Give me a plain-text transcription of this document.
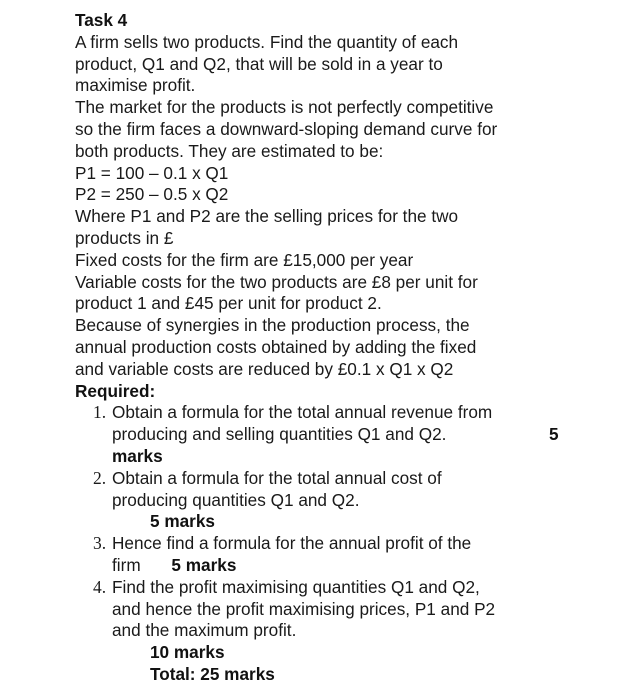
Task 4
A firm sells two products. Find the quantity of each
product, Q1 and Q2, that will be sold in a year to
maximise profit.
The market for the products is not perfectly competitive
so the firm faces a downward-sloping demand curve for
both products. They are estimated to be:
P1 = 100 – 0.1 x Q1
P2 = 250 – 0.5 x Q2
Where P1 and P2 are the selling prices for the two
products in £
Fixed costs for the firm are £15,000 per year
Variable costs for the two products are £8 per unit for
product 1 and £45 per unit for product 2.
Because of synergies in the production process, the
annual production costs obtained by adding the fixed
and variable costs are reduced by £0.1 x Q1 x Q2
Required:
1. Obtain a formula for the total annual revenue from
producing and selling quantities Q1 and Q2.	5
marks
2. Obtain a formula for the total annual cost of
producing quantities Q1 and Q2.
5 marks
3. Hence find a formula for the annual profit of the
firm 5 marks
4. Find the profit maximising quantities Q1 and Q2,
and hence the profit maximising prices, P1 and P2
and the maximum profit.
10 marks
Total: 25 marks
